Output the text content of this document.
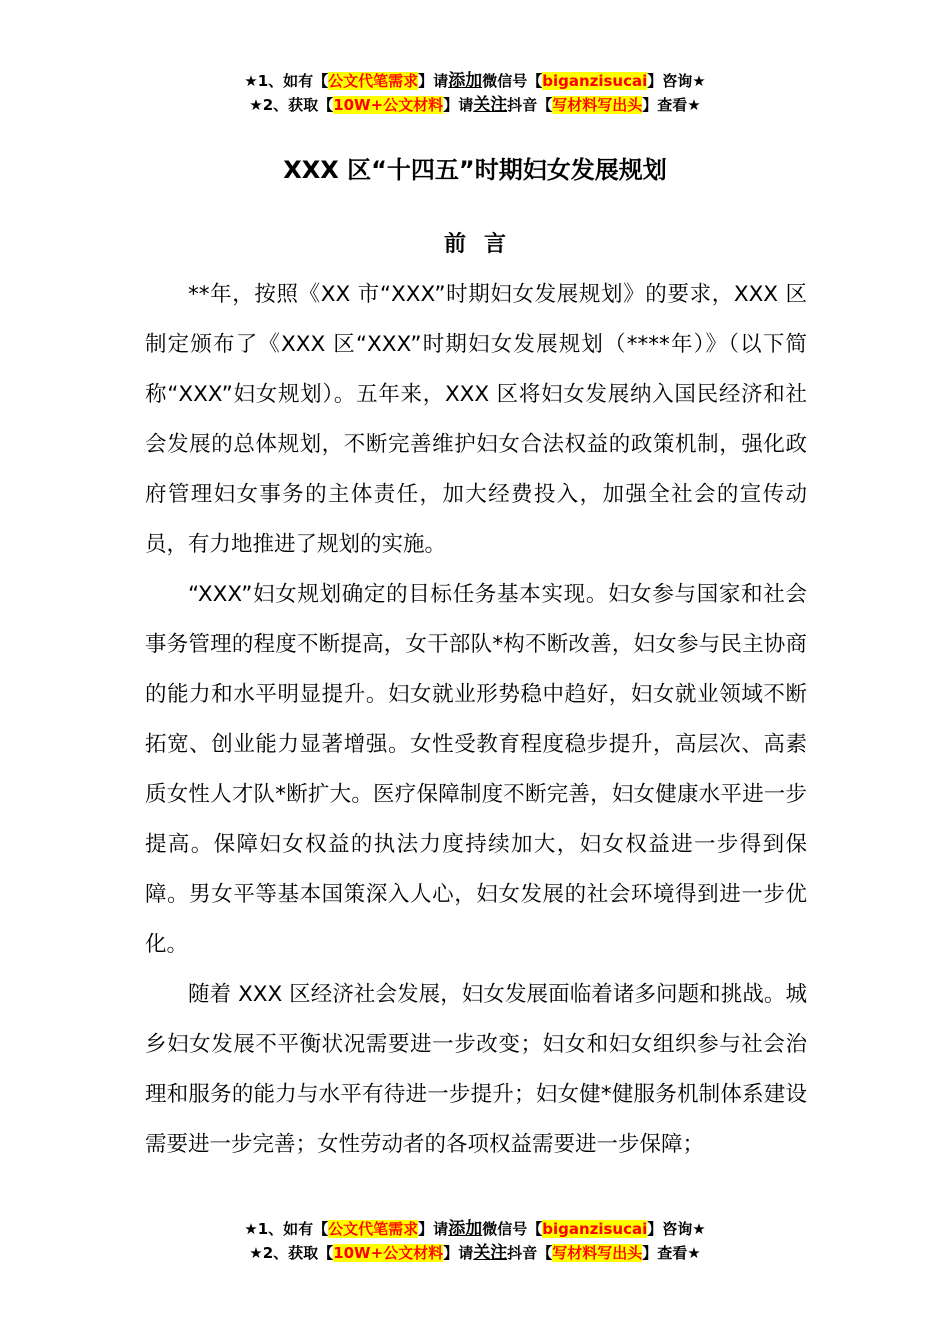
★1、如有【公文代笔需求】请添加微信号【biganzisucai】咨询★
★2、获取【10W+公文材料】请关注抖音【写材料写出头】查看★
XXX 区“十四五”时期妇女发展规划
前言

**年，按照《XX 市“XXX”时期妇女发展规划》的要求，XXX 区制定颁布了《XXX 区“XXX”时期妇女发展规划（****年）》（以下简称“XXX”妇女规划）。五年来，XXX 区将妇女发展纳入国民经济和社会发展的总体规划，不断完善维护妇女合法权益的政策机制，强化政府管理妇女事务的主体责任，加大经费投入，加强全社会的宣传动员，有力地推进了规划的实施。

“XXX”妇女规划确定的目标任务基本实现。妇女参与国家和社会事务管理的程度不断提高，女干部队*构不断改善，妇女参与民主协商的能力和水平明显提升。妇女就业形势稳中趋好，妇女就业领域不断拓宽、创业能力显著增强。女性受教育程度稳步提升，高层次、高素质女性人才队*断扩大。医疗保障制度不断完善，妇女健康水平进一步提高。保障妇女权益的执法力度持续加大，妇女权益进一步得到保障。男女平等基本国策深入人心，妇女发展的社会环境得到进一步优化。

随着 XXX 区经济社会发展，妇女发展面临着诸多问题和挑战。城乡妇女发展不平衡状况需要进一步改变；妇女和妇女组织参与社会治理和服务的能力与水平有待进一步提升；妇女健*健服务机制体系建设需要进一步完善；女性劳动者的各项权益需要进一步保障；

★1、如有【公文代笔需求】请添加微信号【biganzisucai】咨询★
★2、获取【10W+公文材料】请关注抖音【写材料写出头】查看★
